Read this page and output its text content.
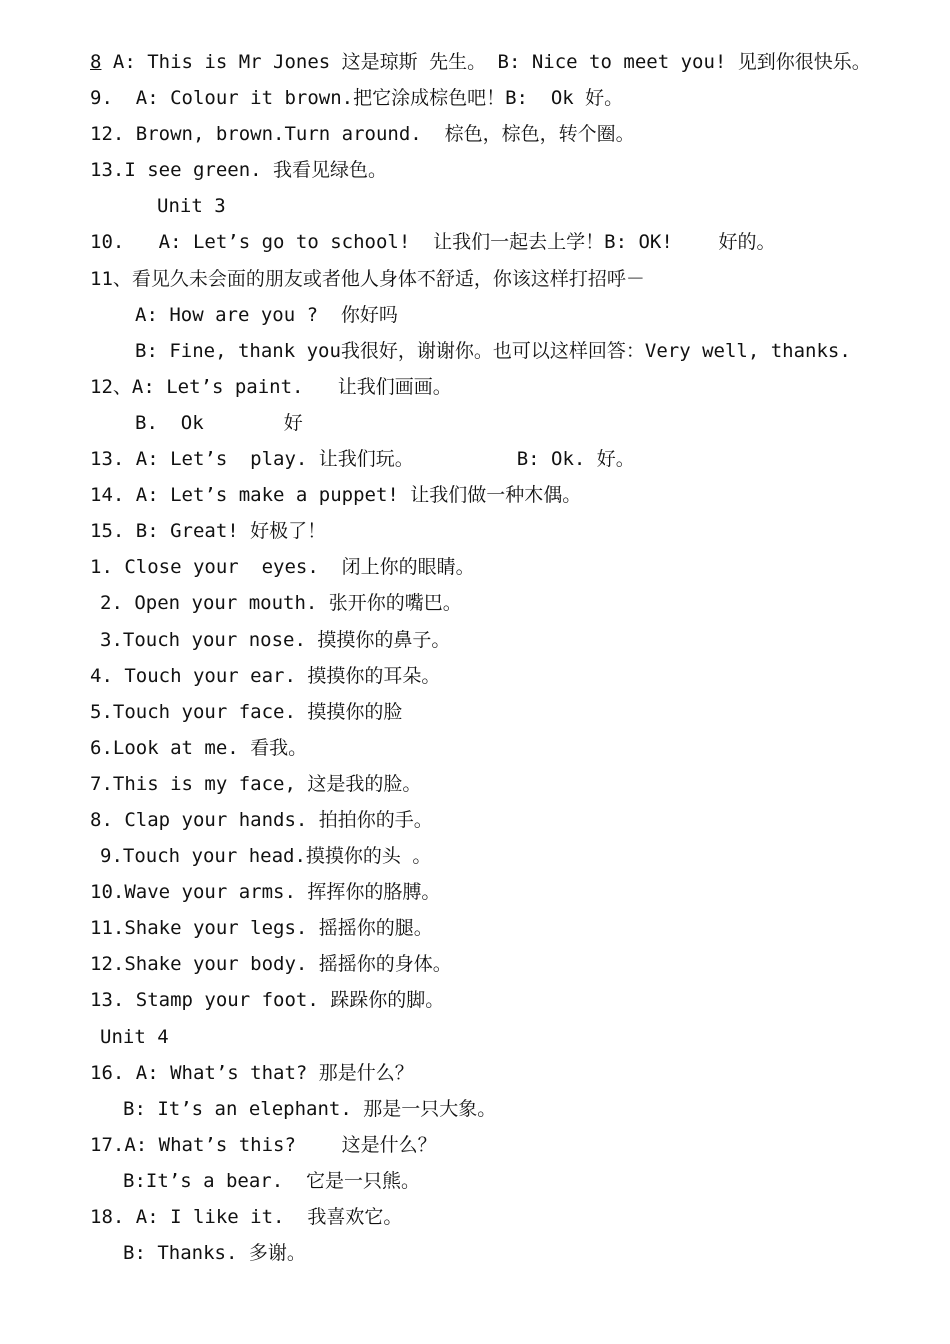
8 A: This is Mr Jones 这是琼斯 先生。 B: Nice to meet you! 见到你很快乐。
9.  A: Colour it brown.把它涂成棕色吧！B:  Ok 好。
12. Brown, brown.Turn around.  棕色，棕色，转个圈。
13.I see green. 我看见绿色。
Unit 3
10.   A: Let’s go to school!  让我们一起去上学！B: OK!    好的。
11、看见久未会面的朋友或者他人身体不舒适，你该这样打招呼－
A: How are you ?  你好吗
B: Fine, thank you我很好，谢谢你。也可以这样回答：Very well, thanks.
12、A: Let’s paint.   让我们画画。
B.  Ok       好
13. A: Let’s  play. 让我们玩。         B: Ok. 好。
14. A: Let’s make a puppet! 让我们做一种木偶。
15. B: Great! 好极了！
1. Close your  eyes.  闭上你的眼睛。
2. Open your mouth. 张开你的嘴巴。
3.Touch your nose. 摸摸你的鼻子。
4. Touch your ear. 摸摸你的耳朵。
5.Touch your face. 摸摸你的脸
6.Look at me. 看我。
7.This is my face, 这是我的脸。
8. Clap your hands. 拍拍你的手。
9.Touch your head.摸摸你的头 。
10.Wave your arms. 挥挥你的胳膊。
11.Shake your legs. 摇摇你的腿。
12.Shake your body. 摇摇你的身体。
13. Stamp your foot. 跺跺你的脚。
Unit 4
16. A: What’s that? 那是什么？
B: It’s an elephant. 那是一只大象。
17.A: What’s this?    这是什么？
B:It’s a bear.  它是一只熊。
18. A: I like it.  我喜欢它。
B: Thanks. 多谢。
